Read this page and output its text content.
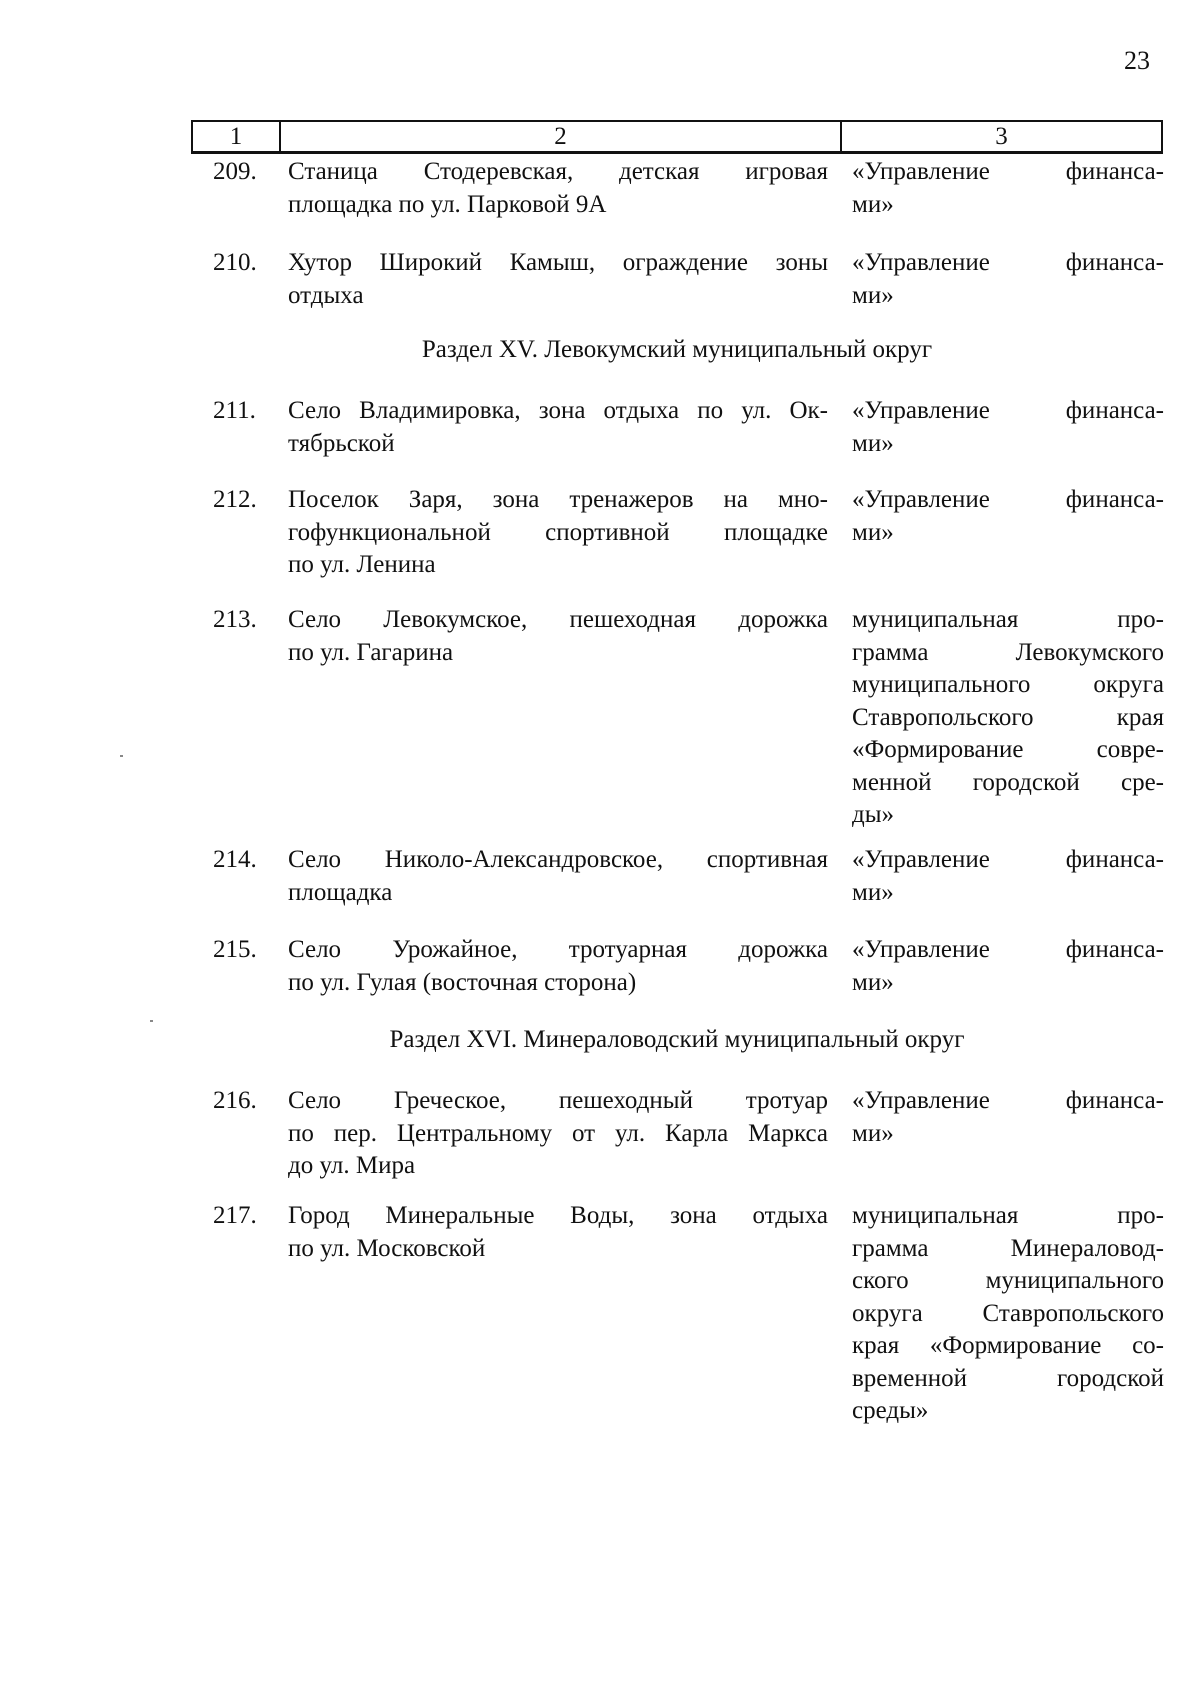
23
1	2	3
209. Станица Стодеревская, детская игровая
площадка по ул. Парковой 9А
«Управление финанса-
ми»
210. Хутор Широкий Камыш, ограждение зоны
отдыха
«Управление финанса-
ми»
Раздел XV. Левокумский муниципальный округ
211. Село Владимировка, зона отдыха по ул. Ок-
тябрьской
«Управление финанса-
ми»
212. Поселок Заря, зона тренажеров на мно-
гофункциональной спортивной площадке
по ул. Ленина
«Управление финанса-
ми»
213. Село Левокумское, пешеходная дорожка
по ул. Гагарина
муниципальная про-
грамма Левокумского
муниципального округа
Ставропольского края
«Формирование совре-
менной городской сре-
ды»
214. Село Николо-Александровское, спортивная
площадка
«Управление финанса-
ми»
215. Село Урожайное, тротуарная дорожка
по ул. Гулая (восточная сторона)
«Управление финанса-
ми»
Раздел XVI. Минераловодский муниципальный округ
216. Село Греческое, пешеходный тротуар
по пер. Центральному от ул. Карла Маркса
до ул. Мира
«Управление финанса-
ми»
217. Город Минеральные Воды, зона отдыха
по ул. Московской
муниципальная про-
грамма Минераловод-
ского муниципального
округа Ставропольского
края «Формирование со-
временной городской
среды»
